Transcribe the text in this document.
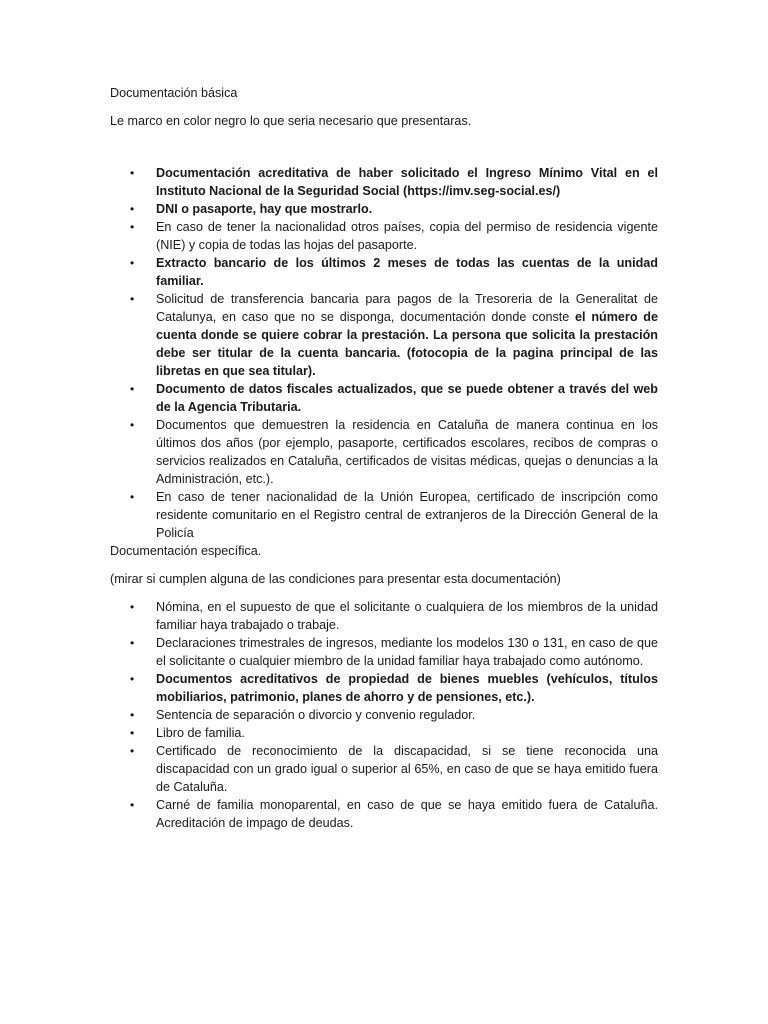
Documentación básica

Le marco en color negro lo que seria necesario que presentaras.

• Documentación acreditativa de haber solicitado el Ingreso Mínimo Vital en el Instituto Nacional de la Seguridad Social (https://imv.seg-social.es/)
• DNI o pasaporte, hay que mostrarlo.
• En caso de tener la nacionalidad otros países, copia del permiso de residencia vigente (NIE) y copia de todas las hojas del pasaporte.
• Extracto bancario de los últimos 2 meses de todas las cuentas de la unidad familiar.
• Solicitud de transferencia bancaria para pagos de la Tresoreria de la Generalitat de Catalunya, en caso que no se disponga, documentación donde conste el número de cuenta donde se quiere cobrar la prestación. La persona que solicita la prestación debe ser titular de la cuenta bancaria. (fotocopia de la pagina principal de las libretas en que sea titular).
• Documento de datos fiscales actualizados, que se puede obtener a través del web de la Agencia Tributaria.
• Documentos que demuestren la residencia en Cataluña de manera continua en los últimos dos años (por ejemplo, pasaporte, certificados escolares, recibos de compras o servicios realizados en Cataluña, certificados de visitas médicas, quejas o denuncias a la Administración, etc.).
• En caso de tener nacionalidad de la Unión Europea, certificado de inscripción como residente comunitario en el Registro central de extranjeros de la Dirección General de la Policía

Documentación específica.

(mirar si cumplen alguna de las condiciones para presentar esta documentación)

• Nómina, en el supuesto de que el solicitante o cualquiera de los miembros de la unidad familiar haya trabajado o trabaje.
• Declaraciones trimestrales de ingresos, mediante los modelos 130 o 131, en caso de que el solicitante o cualquier miembro de la unidad familiar haya trabajado como autónomo.
• Documentos acreditativos de propiedad de bienes muebles (vehículos, títulos mobiliarios, patrimonio, planes de ahorro y de pensiones, etc.).
• Sentencia de separación o divorcio y convenio regulador.
• Libro de familia.
• Certificado de reconocimiento de la discapacidad, si se tiene reconocida una discapacidad con un grado igual o superior al 65%, en caso de que se haya emitido fuera de Cataluña.
• Carné de familia monoparental, en caso de que se haya emitido fuera de Cataluña. Acreditación de impago de deudas.
